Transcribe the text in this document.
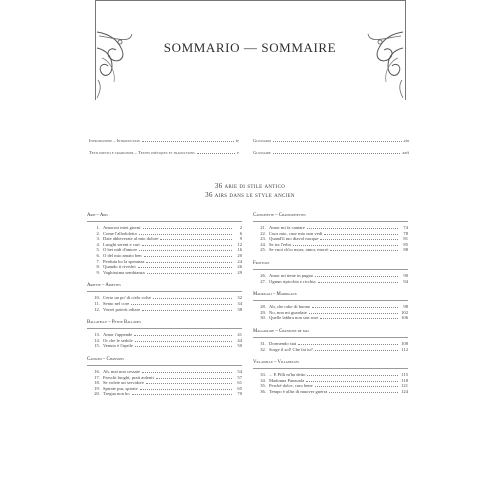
SOMMARIO — SOMMAIRE
Introduzione – Introduction	iv
Testi poetici e traduzioni – Textes poétiques et traductions	v
Glossario	xix
Glossaire	xxii
36 arie di stile antico
36 airs dans le style ancien
Arie – Airs
1. Amorosi miei giorni	2
2. Come l'allodoletta	6
3. Date abbeverate al mio dolore	9
4. Luoghi sereni e cari	12
5. O bei nidi d'amore	16
6. O del mio amato ben	20
7. Perduta ho la speranza	24
8. Quando ti rivedrò	26
9. Vaghissima sembianza	29
Ariette – Ariettes
10. Certo un po' di cielo colse	32
11. Sento nel core	34
12. Vorrei poterti odiare	38
Ballatelle – Petite Ballades
13. Amor t'appende	41
14. Or che le sedole	44
15. Venuto è l'aprile	50
Canzoni – Chansons
16. Ah, mai non cessate	54
17. Freschi luoghi, prati aulenti	57
18. Se volete un servidore	61
19. Spirate pur, spirate	65
20. Tregua non ho	70
Canzonette – Chansonnettes
21. Amor mi fa cantare	74
22. Cuor mio, cuor mio non vedi	78
23. Quand'il tuo diavol nacque	81
24. Se tra l'erba	85
25. Se vuoi ch'io mora, amor, morrò	88
Frottole
26. Amor mi tiene in pugno	90
27. Ognun ripicchia e ricchia	94
Madrigali – Madrigaux
28. Ah, che odor di buono	98
29. No, non mi guardate	102
30. Quelle labbra non son rose	106
Maggiolate – Chansons de mai
31. Dormendo stai	108
32. Sorge il sol! Che fai tu?	112
Villanelle – Villanelles
33. ... E Pilli m'ha detto	115
34. Madonna Panzuola	118
35. Perché dolce, caro bene	121
36. Tempo è alfin di muover guerra	124
